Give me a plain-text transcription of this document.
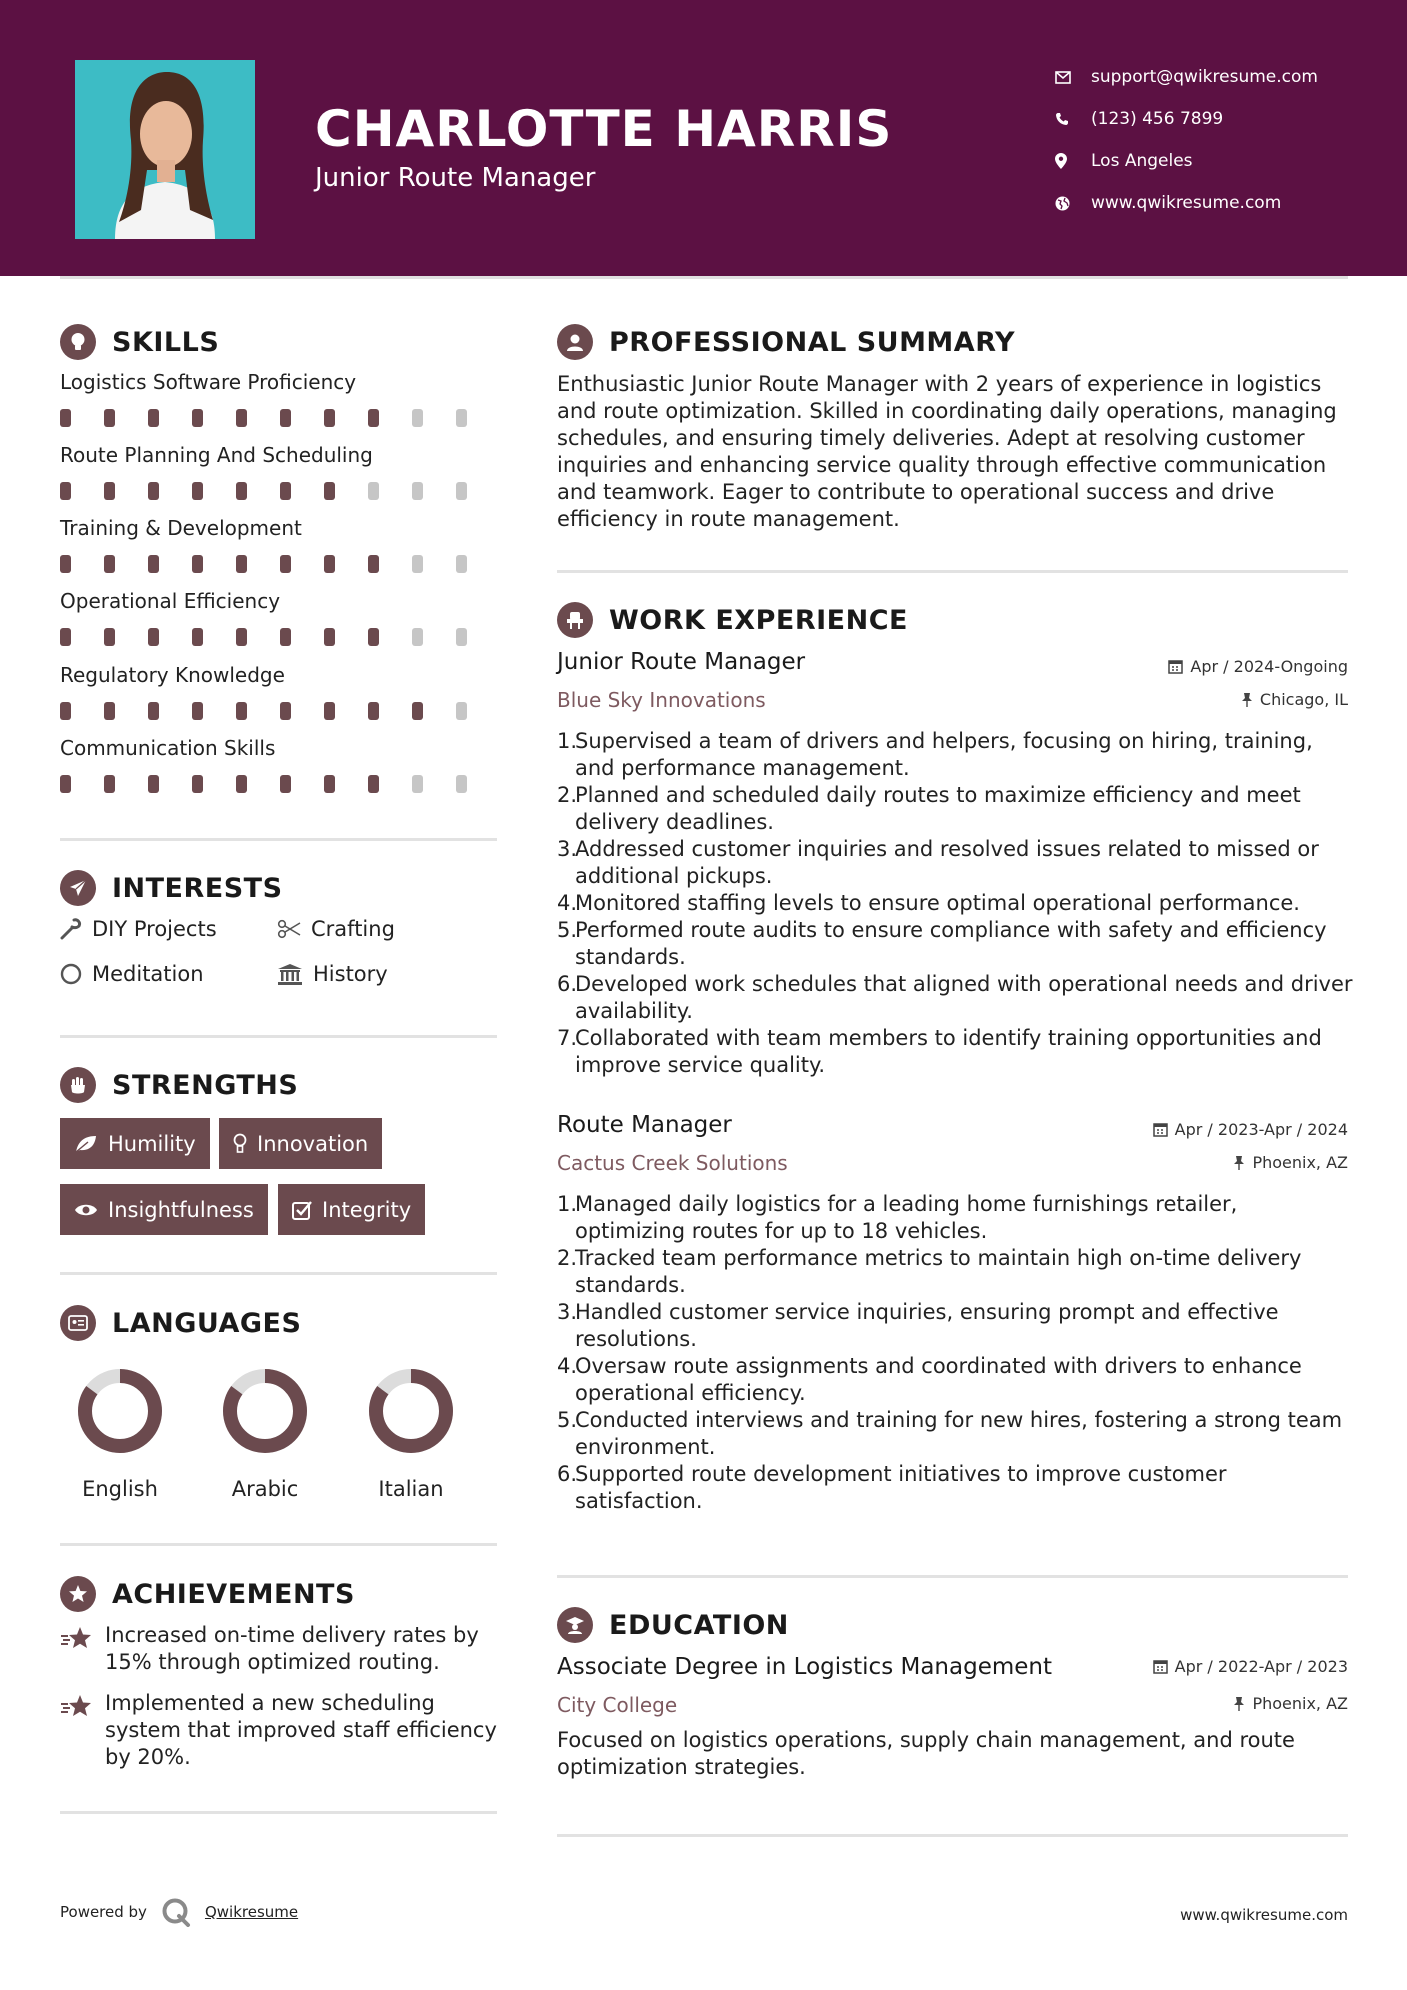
CHARLOTTE HARRIS
Junior Route Manager
support@qwikresume.com
(123) 456 7899
Los Angeles
www.qwikresume.com
SKILLS
Logistics Software Proficiency
Route Planning And Scheduling
Training & Development
Operational Efficiency
Regulatory Knowledge
Communication Skills
INTERESTS
DIY Projects	Crafting
Meditation	History
STRENGTHS
Humility	Innovation
Insightfulness	Integrity
LANGUAGES
English	Arabic	Italian
ACHIEVEMENTS
Increased on-time delivery rates by 15% through optimized routing.
Implemented a new scheduling system that improved staff efficiency by 20%.
PROFESSIONAL SUMMARY
Enthusiastic Junior Route Manager with 2 years of experience in logistics and route optimization. Skilled in coordinating daily operations, managing schedules, and ensuring timely deliveries. Adept at resolving customer inquiries and enhancing service quality through effective communication and teamwork. Eager to contribute to operational success and drive efficiency in route management.
WORK EXPERIENCE
Junior Route Manager	Apr / 2024-Ongoing
Blue Sky Innovations	Chicago, IL
1.
Supervised a team of drivers and helpers, focusing on hiring, training, and performance management.
2.
Planned and scheduled daily routes to maximize efficiency and meet delivery deadlines.
3.
Addressed customer inquiries and resolved issues related to missed or additional pickups.
4.
Monitored staffing levels to ensure optimal operational performance.
5.
Performed route audits to ensure compliance with safety and efficiency standards.
6.
Developed work schedules that aligned with operational needs and driver availability.
7.
Collaborated with team members to identify training opportunities and improve service quality.
Route Manager	Apr / 2023-Apr / 2024
Cactus Creek Solutions	Phoenix, AZ
1.
Managed daily logistics for a leading home furnishings retailer, optimizing routes for up to 18 vehicles.
2.
Tracked team performance metrics to maintain high on-time delivery standards.
3.
Handled customer service inquiries, ensuring prompt and effective resolutions.
4.
Oversaw route assignments and coordinated with drivers to enhance operational efficiency.
5.
Conducted interviews and training for new hires, fostering a strong team environment.
6.
Supported route development initiatives to improve customer satisfaction.
EDUCATION
Associate Degree in Logistics Management	Apr / 2022-Apr / 2023
City College	Phoenix, AZ
Focused on logistics operations, supply chain management, and route optimization strategies.
Powered by	Qwikresume	www.qwikresume.com
